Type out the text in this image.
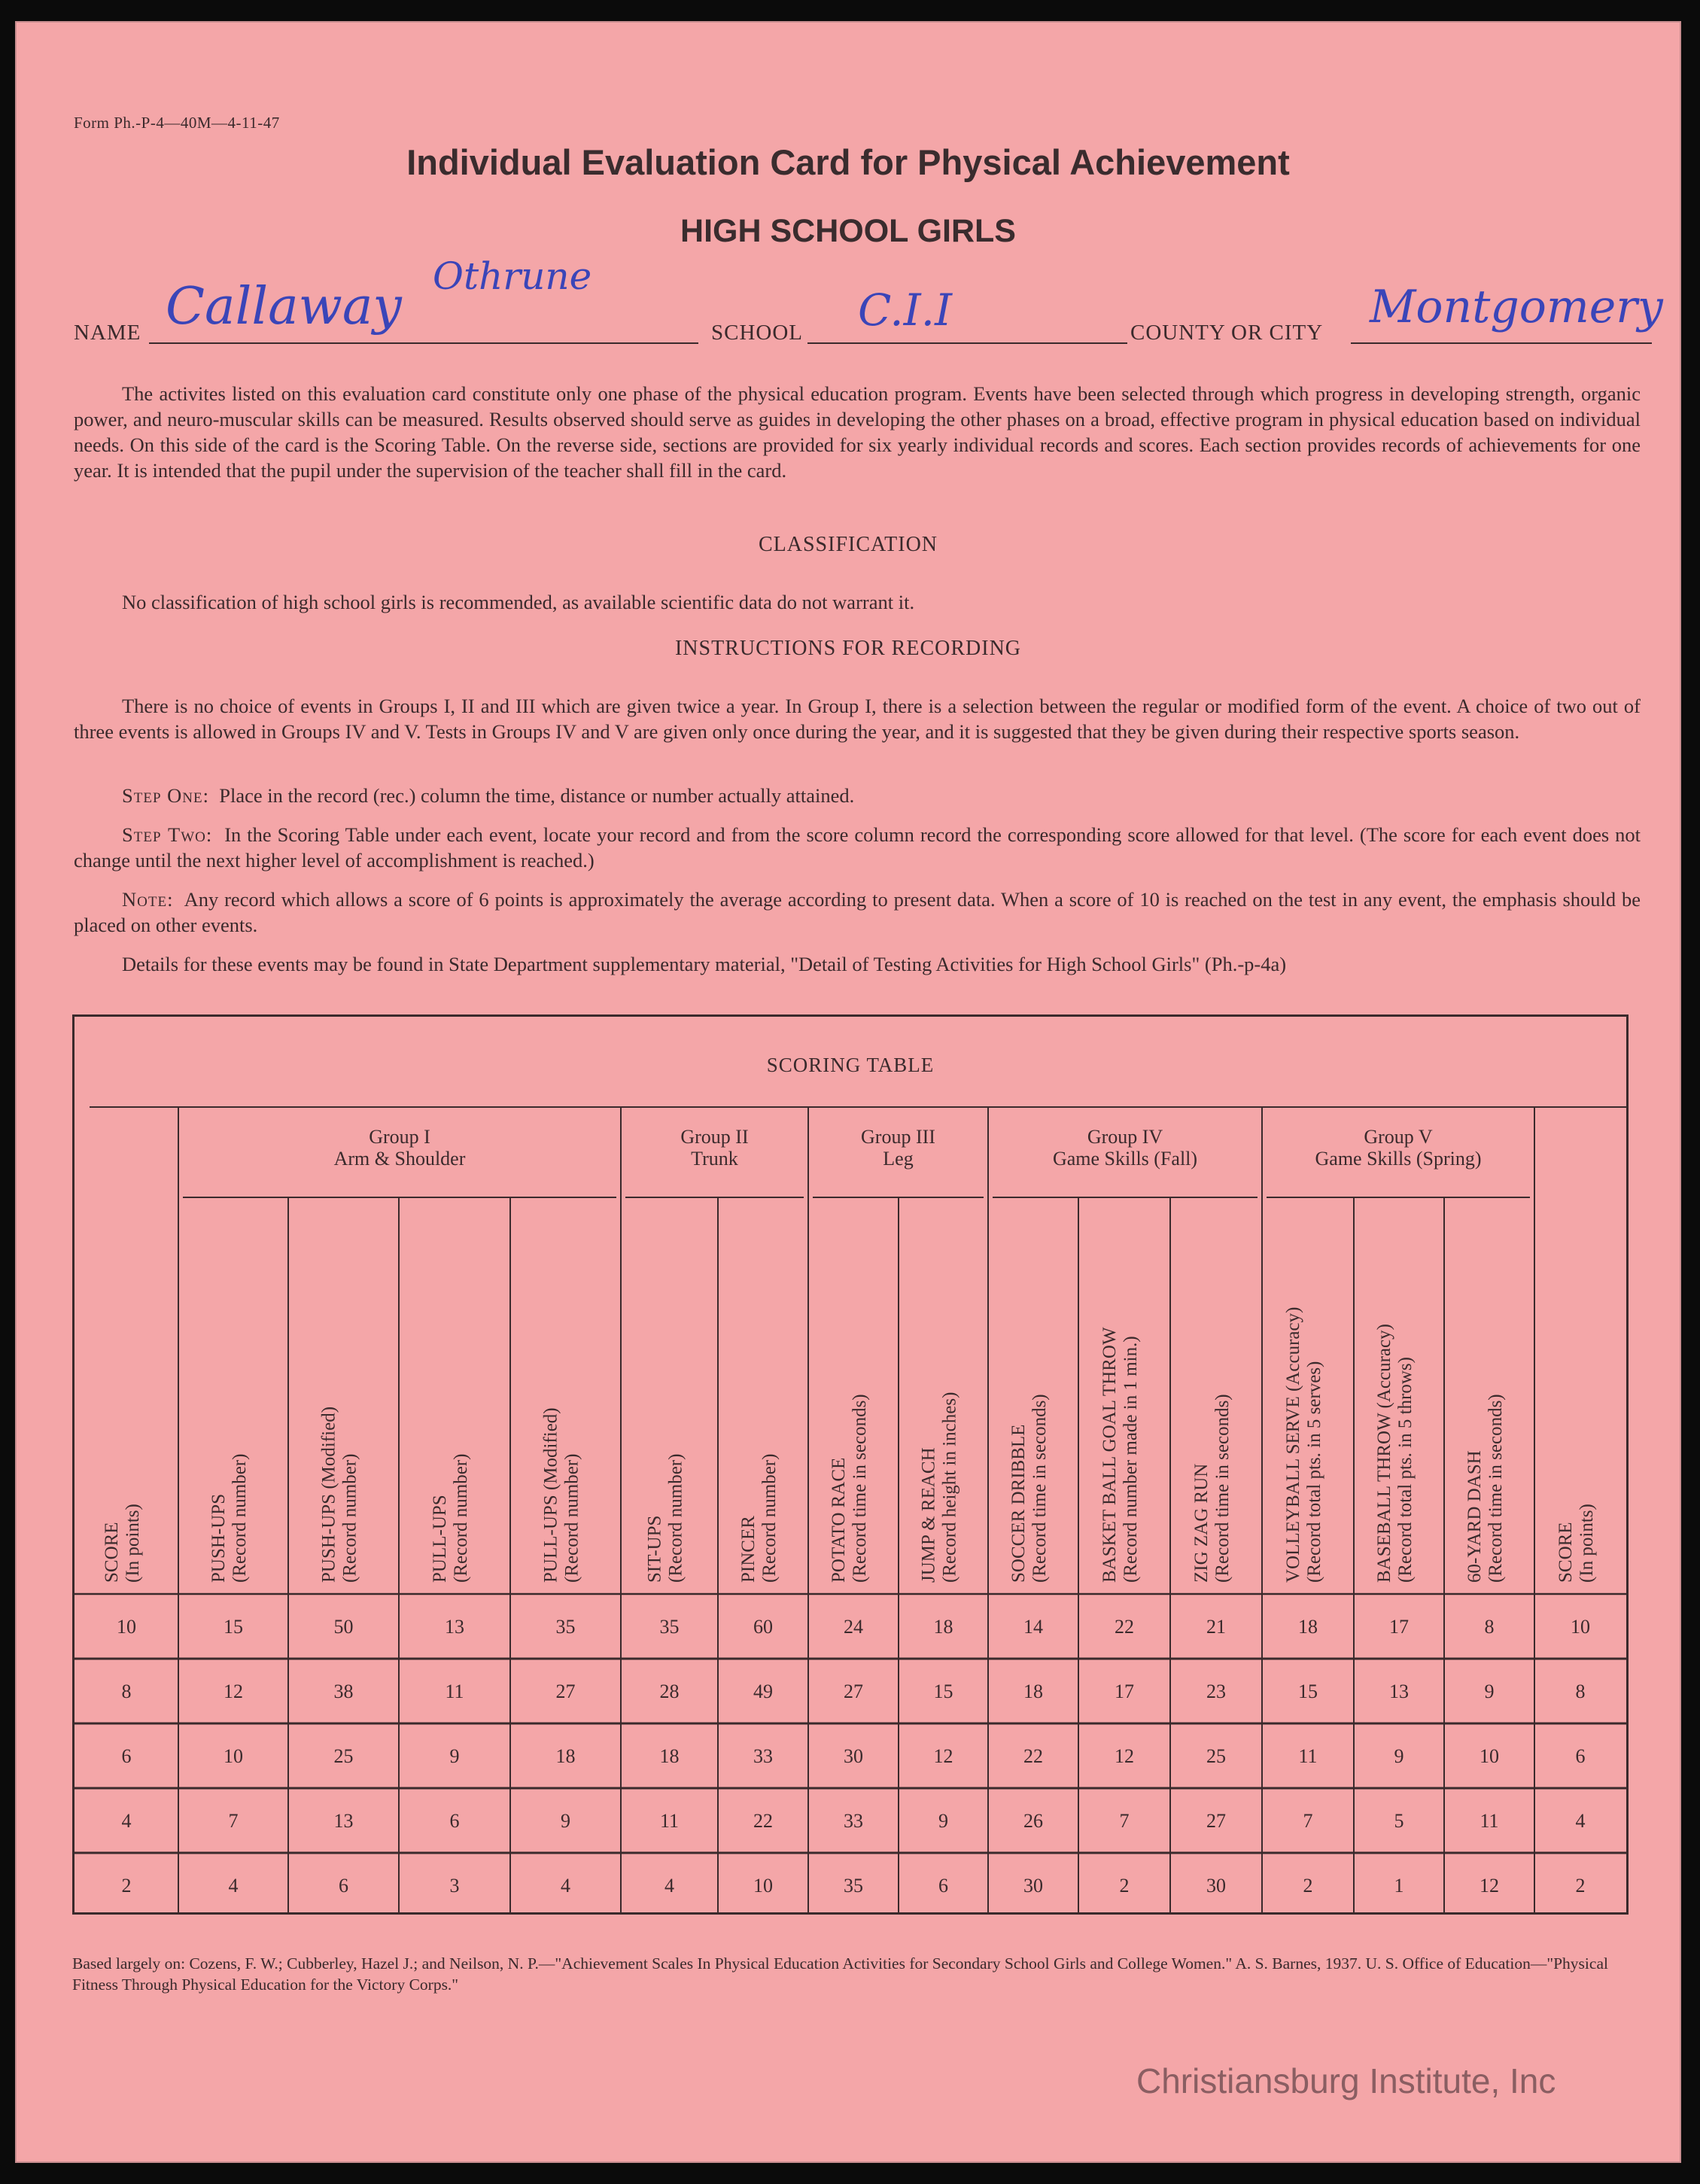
Form Ph.-P-4—40M—4-11-47
Individual Evaluation Card for Physical Achievement
HIGH SCHOOL GIRLS
NAME Callaway
Othrune
SCHOOL C.I.I	COUNTY OR CITY Montgomery

The activites listed on this evaluation card constitute only one phase of the physical education program. Events have been selected through which progress in developing strength, organic power, and neuro-muscular skills can be measured. Results observed should serve as guides in developing the other phases on a broad, effective program in physical education based on individual needs. On this side of the card is the Scoring Table. On the reverse side, sections are provided for six yearly individual records and scores. Each section provides records of achievements for one year. It is intended that the pupil under the supervision of the teacher shall fill in the card.

CLASSIFICATION

No classification of high school girls is recommended, as available scientific data do not warrant it.

INSTRUCTIONS FOR RECORDING

There is no choice of events in Groups I, II and III which are given twice a year. In Group I, there is a selection between the regular or modified form of the event. A choice of two out of three events is allowed in Groups IV and V. Tests in Groups IV and V are given only once during the year, and it is suggested that they be given during their respective sports season.

Step One: Place in the record (rec.) column the time, distance or number actually attained.

Step Two: In the Scoring Table under each event, locate your record and from the score column record the corresponding score allowed for that level. (The score for each event does not change until the next higher level of accomplishment is reached.)

Note: Any record which allows a score of 6 points is approximately the average according to present data. When a score of 10 is reached on the test in any event, the emphasis should be placed on other events.

Details for these events may be found in State Department supplementary material, "Detail of Testing Activities for High School Girls" (Ph.-p-4a)

SCORING TABLE
Group I
Arm & Shoulder
Group II
Trunk
Group III
Leg
Group IV
Game Skills (Fall)
Group V
Game Skills (Spring)
SCORE (In points)	PUSH-UPS (Record number)	PUSH-UPS (Modified) (Record number)	PULL-UPS (Record number)	PULL-UPS (Modified) (Record number)	SIT-UPS (Record number)	PINCER (Record number)	POTATO RACE (Record time in seconds)	JUMP & REACH (Record height in inches)	SOCCER DRIBBLE (Record time in seconds)	BASKET BALL GOAL THROW (Record number made in 1 min.)	ZIG ZAG RUN (Record time in seconds)	VOLLEYBALL SERVE (Accuracy) (Record total pts. in 5 serves)	BASEBALL THROW (Accuracy) (Record total pts. in 5 throws)	60-YARD DASH (Record time in seconds)	SCORE (In points)
10	15	50	13	35	35	60	24	18	14	22	21	18	17	8	10
8	12	38	11	27	28	49	27	15	18	17	23	15	13	9	8
6	10	25	9	18	18	33	30	12	22	12	25	11	9	10	6
4	7	13	6	9	11	22	33	9	26	7	27	7	5	11	4
2	4	6	3	4	4	10	35	6	30	2	30	2	1	12	2
Based largely on: Cozens, F. W.; Cubberley, Hazel J.; and Neilson, N. P.—"Achievement Scales In Physical Education Activities for Secondary School Girls and College Women." A. S. Barnes, 1937. U. S. Office of Education—"Physical Fitness Through Physical Education for the Victory Corps."
Christiansburg Institute, Inc
